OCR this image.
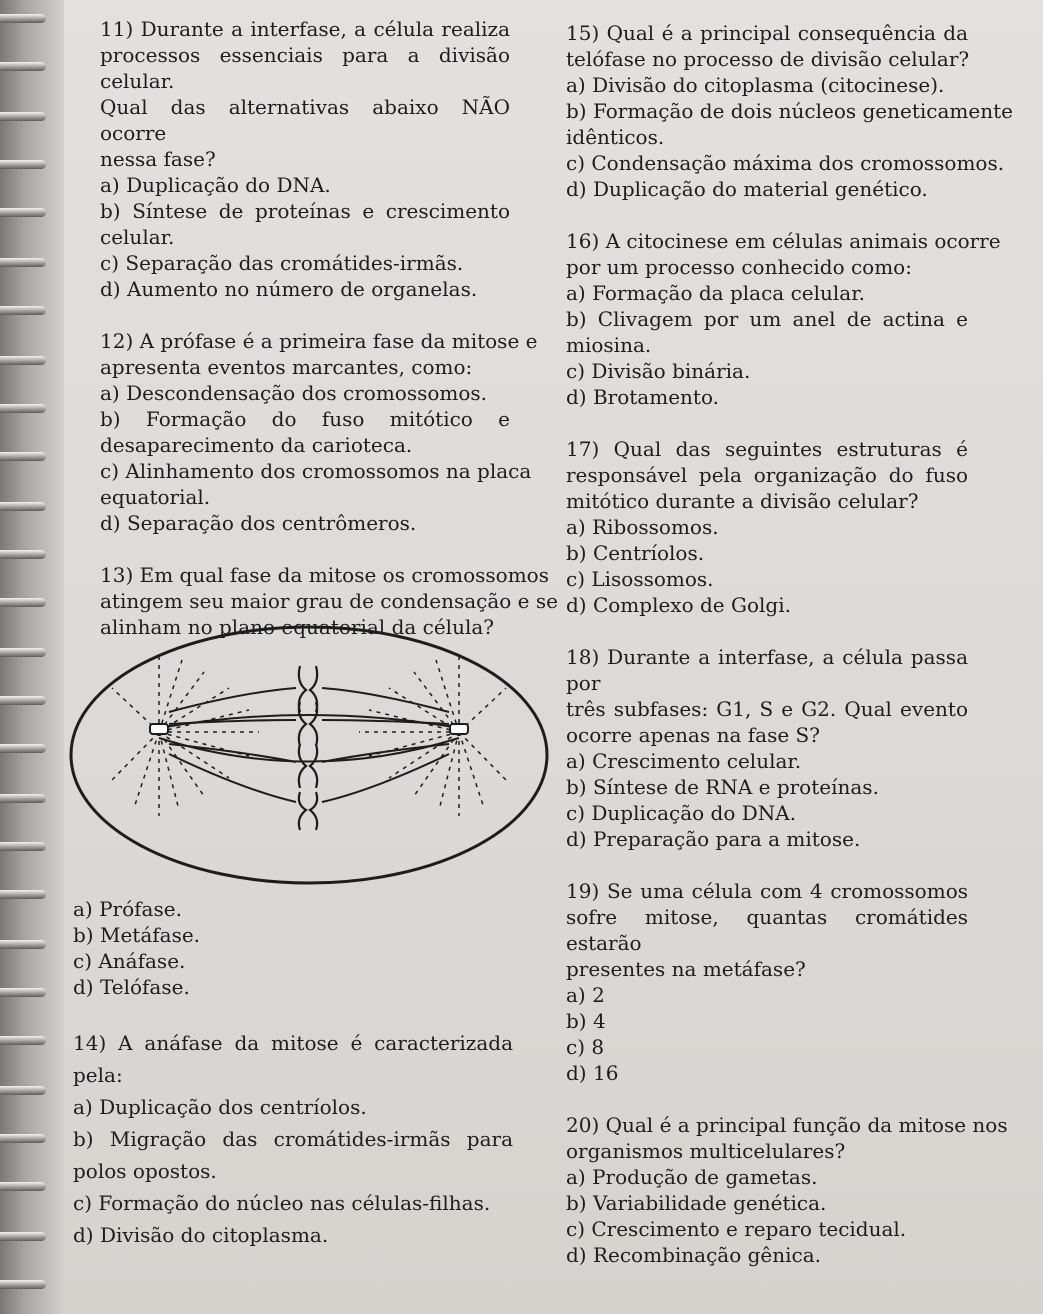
11) Durante a interfase, a célula realiza
processos essenciais para a divisão celular.
Qual das alternativas abaixo NÃO ocorre
nessa fase?
a) Duplicação do DNA.
b) Síntese de proteínas e crescimento
celular.
c) Separação das cromátides-irmãs.
d) Aumento no número de organelas.
12) A prófase é a primeira fase da mitose e
apresenta eventos marcantes, como:
a) Descondensação dos cromossomos.
b) Formação do fuso mitótico e
desaparecimento da carioteca.
c) Alinhamento dos cromossomos na placa
equatorial.
d) Separação dos centrômeros.
13) Em qual fase da mitose os cromossomos
atingem seu maior grau de condensação e se
alinham no plano equatorial da célula?
a) Prófase.
b) Metáfase.
c) Anáfase.
d) Telófase.
14) A anáfase da mitose é caracterizada
pela:
a) Duplicação dos centríolos.
b) Migração das cromátides-irmãs para
polos opostos.
c) Formação do núcleo nas células-filhas.
d) Divisão do citoplasma.
15) Qual é a principal consequência da
telófase no processo de divisão celular?
a) Divisão do citoplasma (citocinese).
b) Formação de dois núcleos geneticamente
idênticos.
c) Condensação máxima dos cromossomos.
d) Duplicação do material genético.
16) A citocinese em células animais ocorre
por um processo conhecido como:
a) Formação da placa celular.
b) Clivagem por um anel de actina e
miosina.
c) Divisão binária.
d) Brotamento.
17) Qual das seguintes estruturas é
responsável pela organização do fuso
mitótico durante a divisão celular?
a) Ribossomos.
b) Centríolos.
c) Lisossomos.
d) Complexo de Golgi.
18) Durante a interfase, a célula passa por
três subfases: G1, S e G2. Qual evento
ocorre apenas na fase S?
a) Crescimento celular.
b) Síntese de RNA e proteínas.
c) Duplicação do DNA.
d) Preparação para a mitose.
19) Se uma célula com 4 cromossomos
sofre mitose, quantas cromátides estarão
presentes na metáfase?
a) 2
b) 4
c) 8
d) 16
20) Qual é a principal função da mitose nos
organismos multicelulares?
a) Produção de gametas.
b) Variabilidade genética.
c) Crescimento e reparo tecidual.
d) Recombinação gênica.
